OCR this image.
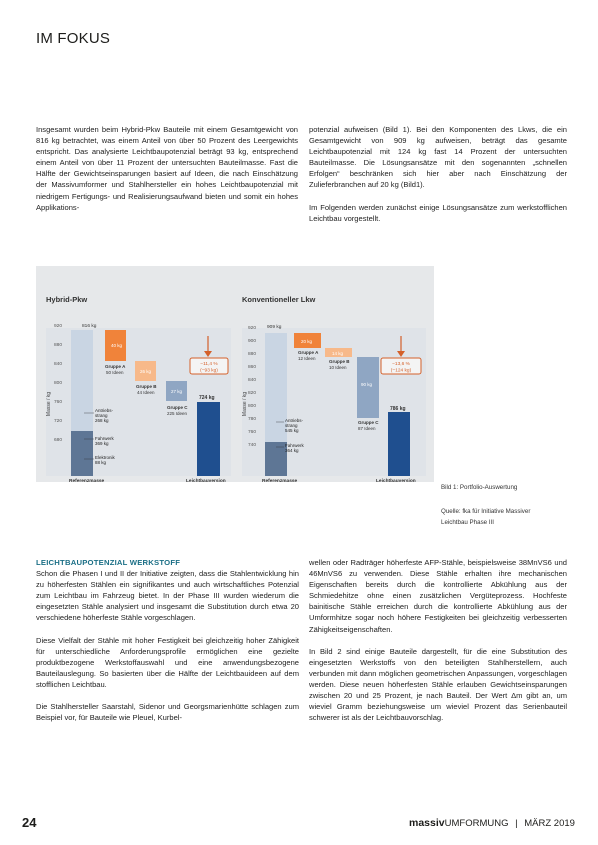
IM FOKUS

Insgesamt wurden beim Hybrid-Pkw Bauteile mit einem Gesamtgewicht von 816 kg betrachtet, was einem Anteil von über 50 Prozent des Leergewichts entspricht. Das analysierte Leichtbaupotenzial beträgt 93 kg, entsprechend einem Anteil von über 11 Prozent der untersuchten Bauteilmasse. Fast die Hälfte der Gewichtseinsparungen basiert auf Ideen, die nach Einschätzung der Massivumformer und Stahlhersteller ein hohes Leichtbaupotenzial mit niedrigem Fertigungs- und Realisierungsaufwand bieten und somit ein hohes Applikations-

potenzial aufweisen (Bild 1). Bei den Komponenten des Lkws, die ein Gesamtgewicht von 909 kg aufweisen, beträgt das gesamte Leichtbaupotenzial mit 124 kg fast 14 Prozent der untersuchten Bauteilmasse. Die Lösungsansätze mit den sogenannten „schnellen Erfolgen“ beschränken sich hier aber nach Einschätzung der Zulieferbranchen auf 20 kg (Bild1).

Im Folgenden werden zunächst einige Lösungsansätze zum werkstofflichen Leichtbau vorgestellt.

Hybrid-Pkw
Masse / kg
920
880
840
800
760
720
680
816 kg
40 kg
Gruppe A
50 Ideen	26 kg
Gruppe B
44 Ideen	27 kg
Gruppe C
225 Ideen
724 kg
−11,4 %
(−93 kg)
Antriebs-
strang
268 kg
Fahrwerk
369 kg
Elektronik
88 kg
Referenzmasse	Leichtbauversion
Konventioneller Lkw
Masse / kg
920
900
880
860
840
820
800
780
760
740
909 kg
20 kg
Gruppe A
12 Ideen
14 kg
Gruppe B
10 Ideen
90 kg
Gruppe C
87 Ideen
786 kg
−13,6 %
(−124 kg)
Antriebs-
strang
545 kg
Fahrwerk
364 kg
Referenzmasse	Leichtbauversion
Bild 1: Portfolio-Auswertung
Quelle: fka für Initiative Massiver
Leichtbau Phase III
LEICHTBAUPOTENZIAL WERKSTOFF

Schon die Phasen I und II der Initiative zeigten, dass die Stahlentwicklung hin zu höherfesten Stählen ein signifikantes und auch wirtschaftliches Potenzial zum Leichtbau im Fahrzeug bietet. In der Phase III wurden wiederum die eingesetzten Stähle analysiert und insgesamt die Substitution durch etwa 20 verschiedene höherfeste Stähle vorgeschlagen.

Diese Vielfalt der Stähle mit hoher Festigkeit bei gleichzeitig hoher Zähigkeit für unterschiedliche Anforderungsprofile ermöglichen eine gezielte produktbezogene Werkstoffauswahl und eine anwendungsbezogene Bauteilauslegung. So basierten über die Hälfte der Leichtbauideen auf dem stofflichen Leichtbau.

Die Stahlhersteller Saarstahl, Sidenor und Georgsmarienhütte schlagen zum Beispiel vor, für Bauteile wie Pleuel, Kurbel-

wellen oder Radträger höherfeste AFP-Stähle, beispielsweise 38MnVS6 und 46MnVS6 zu verwenden. Diese Stähle erhalten ihre mechanischen Eigenschaften bereits durch die kontrollierte Abkühlung aus der Schmiedehitze ohne einen zusätzlichen Vergüteprozess. Hochfeste bainitische Stähle erreichen durch die kontrollierte Abkühlung aus der Umformhitze sogar noch höhere Festigkeiten bei gleichzeitig verbesserten Zähigkeitseigenschaften.

In Bild 2 sind einige Bauteile dargestellt, für die eine Substitution des eingesetzten Werkstoffs von den beteiligten Stahlherstellern, auch verbunden mit dann möglichen geometrischen Anpassungen, vorgeschlagen werden. Diese neuen höherfesten Stähle erlauben Gewichtseinsparungen zwischen 20 und 25 Prozent, je nach Bauteil. Der Wert Δm gibt an, um wieviel Gramm beziehungsweise um wieviel Prozent das Serienbauteil schwerer ist als der Leichtbauvorschlag.

24	massivUMFORMUNG | MÄRZ 2019
